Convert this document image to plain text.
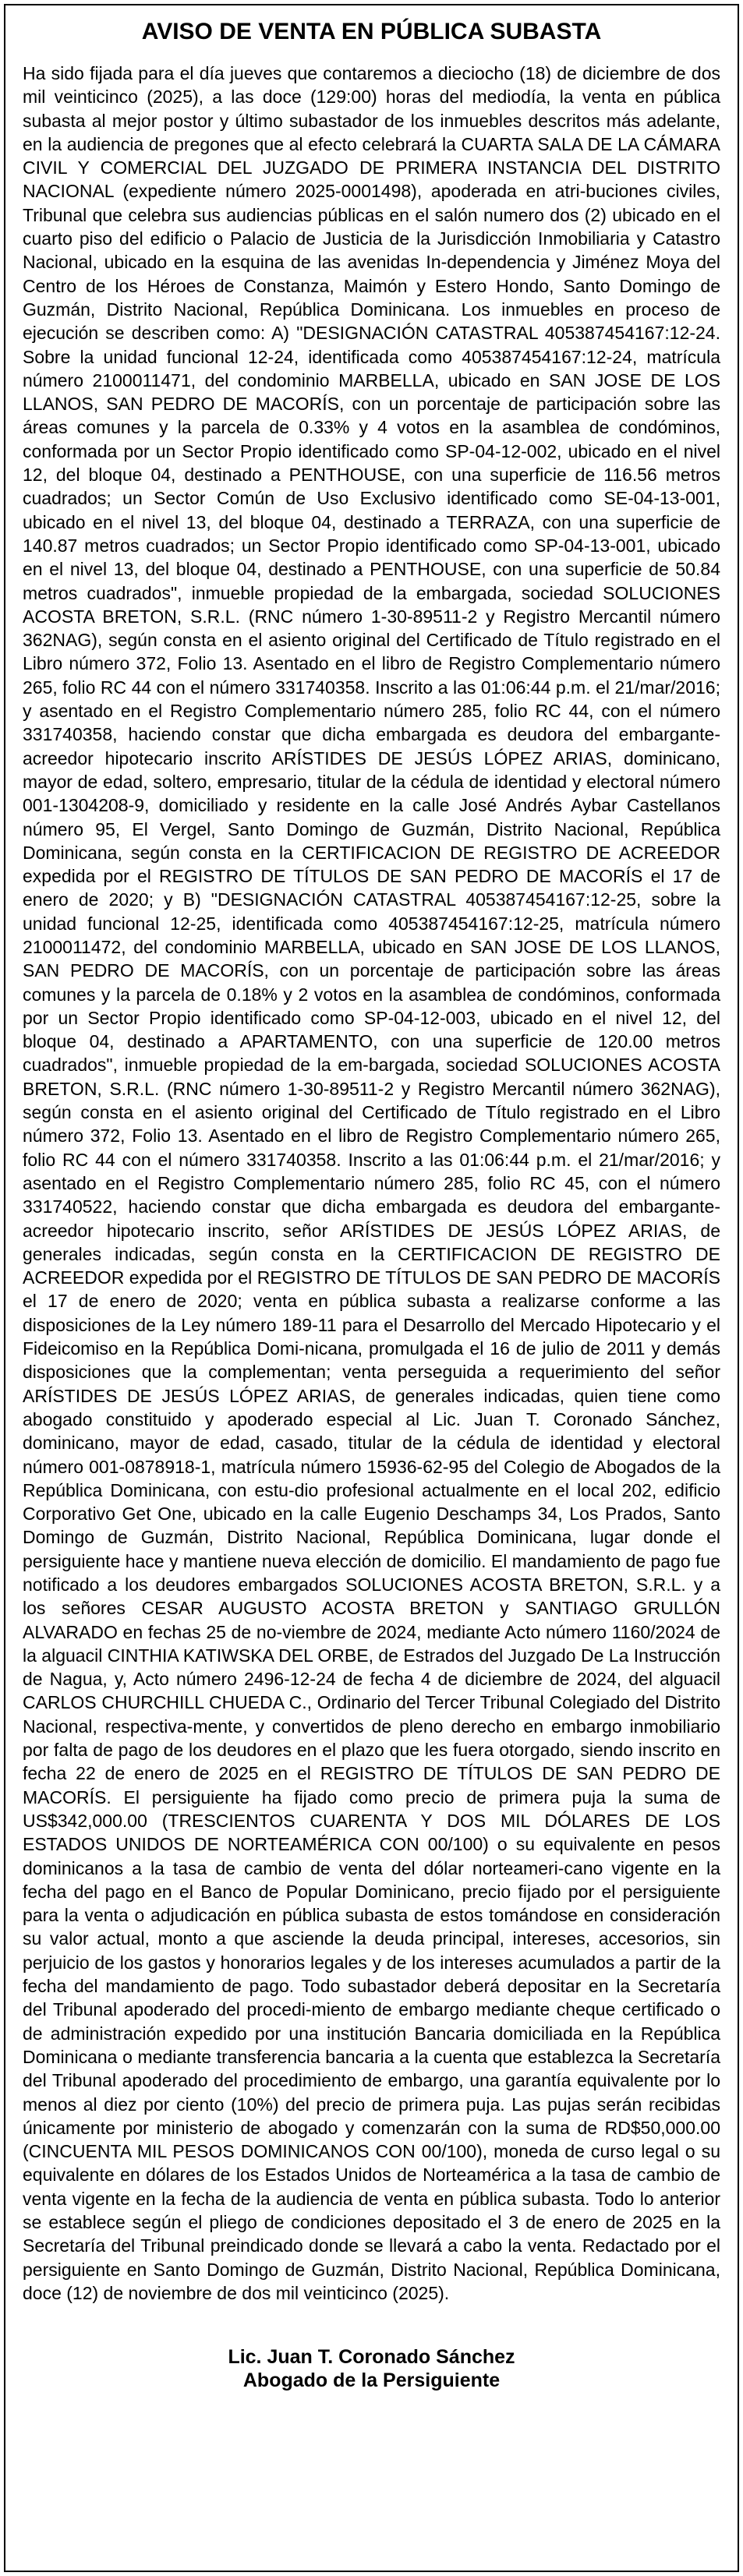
AVISO DE VENTA EN PÚBLICA SUBASTA

Ha sido fijada para el día jueves que contaremos a dieciocho (18) de diciembre de dos mil veinticinco (2025), a las doce (129:00) horas del mediodía, la venta en pública subasta al mejor postor y último subastador de los inmuebles descritos más adelante, en la audiencia de pregones que al efecto celebrará la CUARTA SALA DE LA CÁMARA CIVIL Y COMERCIAL DEL JUZGADO DE PRIMERA INSTANCIA DEL DISTRITO NACIONAL (expediente número 2025-0001498), apoderada en atri-buciones civiles, Tribunal que celebra sus audiencias públicas en el salón numero dos (2) ubicado en el cuarto piso del edificio o Palacio de Justicia de la Jurisdicción Inmobiliaria y Catastro Nacional, ubicado en la esquina de las avenidas In-dependencia y Jiménez Moya del Centro de los Héroes de Constanza, Maimón y Estero Hondo, Santo Domingo de Guzmán, Distrito Nacional, República Dominicana. Los inmuebles en proceso de ejecución se describen como: A) "DESIGNACIÓN CATASTRAL 405387454167:12-24. Sobre la unidad funcional 12-24, identificada como 405387454167:12-24, matrícula número 2100011471, del condominio MARBELLA, ubicado en SAN JOSE DE LOS LLANOS, SAN PEDRO DE MACORÍS, con un porcentaje de participación sobre las áreas comunes y la parcela de 0.33% y 4 votos en la asamblea de condóminos, conformada por un Sector Propio identificado como SP-04-12-002, ubicado en el nivel 12, del bloque 04, destinado a PENTHOUSE, con una superficie de 116.56 metros cuadrados; un Sector Común de Uso Exclusivo identificado como SE-04-13-001, ubicado en el nivel 13, del bloque 04, destinado a TERRAZA, con una superficie de 140.87 metros cuadrados; un Sector Propio identificado como SP-04-13-001, ubicado en el nivel 13, del bloque 04, destinado a PENTHOUSE, con una superficie de 50.84 metros cuadrados", inmueble propiedad de la embargada, sociedad SOLUCIONES ACOSTA BRETON, S.R.L. (RNC número 1-30-89511-2 y Registro Mercantil número 362NAG), según consta en el asiento original del Certificado de Título registrado en el Libro número 372, Folio 13. Asentado en el libro de Registro Complementario número 265, folio RC 44 con el número 331740358. Inscrito a las 01:06:44 p.m. el 21/mar/2016; y asentado en el Registro Complementario número 285, folio RC 44, con el número 331740358, haciendo constar que dicha embargada es deudora del embargante-acreedor hipotecario inscrito ARÍSTIDES DE JESÚS LÓPEZ ARIAS, dominicano, mayor de edad, soltero, empresario, titular de la cédula de identidad y electoral número 001-1304208-9, domiciliado y residente en la calle José Andrés Aybar Castellanos número 95, El Vergel, Santo Domingo de Guzmán, Distrito Nacional, República Dominicana, según consta en la CERTIFICACION DE REGISTRO DE ACREEDOR expedida por el REGISTRO DE TÍTULOS DE SAN PEDRO DE MACORÍS el 17 de enero de 2020; y B) "DESIGNACIÓN CATASTRAL 405387454167:12-25, sobre la unidad funcional 12-25, identificada como 405387454167:12-25, matrícula número 2100011472, del condominio MARBELLA, ubicado en SAN JOSE DE LOS LLANOS, SAN PEDRO DE MACORÍS, con un porcentaje de participación sobre las áreas comunes y la parcela de 0.18% y 2 votos en la asamblea de condóminos, conformada por un Sector Propio identificado como SP-04-12-003, ubicado en el nivel 12, del bloque 04, destinado a APARTAMENTO, con una superficie de 120.00 metros cuadrados", inmueble propiedad de la em-bargada, sociedad SOLUCIONES ACOSTA BRETON, S.R.L. (RNC número 1-30-89511-2 y Registro Mercantil número 362NAG), según consta en el asiento original del Certificado de Título registrado en el Libro número 372, Folio 13. Asentado en el libro de Registro Complementario número 265, folio RC 44 con el número 331740358. Inscrito a las 01:06:44 p.m. el 21/mar/2016; y asentado en el Registro Complementario número 285, folio RC 45, con el número 331740522, haciendo constar que dicha embargada es deudora del embargante-acreedor hipotecario inscrito, señor ARÍSTIDES DE JESÚS LÓPEZ ARIAS, de generales indicadas, según consta en la CERTIFICACION DE REGISTRO DE ACREEDOR expedida por el REGISTRO DE TÍTULOS DE SAN PEDRO DE MACORÍS el 17 de enero de 2020; venta en pública subasta a realizarse conforme a las disposiciones de la Ley número 189-11 para el Desarrollo del Mercado Hipotecario y el Fideicomiso en la República Domi-nicana, promulgada el 16 de julio de 2011 y demás disposiciones que la complementan; venta perseguida a requerimiento del señor ARÍSTIDES DE JESÚS LÓPEZ ARIAS, de generales indicadas, quien tiene como abogado constituido y apoderado especial al Lic. Juan T. Coronado Sánchez, dominicano, mayor de edad, casado, titular de la cédula de identidad y electoral número 001-0878918-1, matrícula número 15936-62-95 del Colegio de Abogados de la República Dominicana, con estu-dio profesional actualmente en el local 202, edificio Corporativo Get One, ubicado en la calle Eugenio Deschamps 34, Los Prados, Santo Domingo de Guzmán, Distrito Nacional, República Dominicana, lugar donde el persiguiente hace y mantiene nueva elección de domicilio. El mandamiento de pago fue notificado a los deudores embargados SOLUCIONES ACOSTA BRETON, S.R.L. y a los señores CESAR AUGUSTO ACOSTA BRETON y SANTIAGO GRULLÓN ALVARADO en fechas 25 de no-viembre de 2024, mediante Acto número 1160/2024 de la alguacil CINTHIA KATIWSKA DEL ORBE, de Estrados del Juzgado De La Instrucción de Nagua, y, Acto número 2496-12-24 de fecha 4 de diciembre de 2024, del alguacil CARLOS CHURCHILL CHUEDA C., Ordinario del Tercer Tribunal Colegiado del Distrito Nacional, respectiva-mente, y convertidos de pleno derecho en embargo inmobiliario por falta de pago de los deudores en el plazo que les fuera otorgado, siendo inscrito en fecha 22 de enero de 2025 en el REGISTRO DE TÍTULOS DE SAN PEDRO DE MACORÍS. El persiguiente ha fijado como precio de primera puja la suma de US$342,000.00 (TRESCIENTOS CUARENTA Y DOS MIL DÓLARES DE LOS ESTADOS UNIDOS DE NORTEAMÉRICA CON 00/100) o su equivalente en pesos dominicanos a la tasa de cambio de venta del dólar norteameri-cano vigente en la fecha del pago en el Banco de Popular Dominicano, precio fijado por el persiguiente para la venta o adjudicación en pública subasta de estos tomándose en consideración su valor actual, monto a que asciende la deuda principal, intereses, accesorios, sin perjuicio de los gastos y honorarios legales y de los intereses acumulados a partir de la fecha del mandamiento de pago. Todo subastador deberá depositar en la Secretaría del Tribunal apoderado del procedi-miento de embargo mediante cheque certificado o de administración expedido por una institución Bancaria domiciliada en la República Dominicana o mediante transferencia bancaria a la cuenta que establezca la Secretaría del Tribunal apoderado del procedimiento de embargo, una garantía equivalente por lo menos al diez por ciento (10%) del precio de primera puja. Las pujas serán recibidas únicamente por ministerio de abogado y comenzarán con la suma de RD$50,000.00 (CINCUENTA MIL PESOS DOMINICANOS CON 00/100), moneda de curso legal o su equivalente en dólares de los Estados Unidos de Norteamérica a la tasa de cambio de venta vigente en la fecha de la audiencia de venta en pública subasta. Todo lo anterior se establece según el pliego de condiciones depositado el 3 de enero de 2025 en la Secretaría del Tribunal preindicado donde se llevará a cabo la venta. Redactado por el persiguiente en Santo Domingo de Guzmán, Distrito Nacional, República Dominicana, doce (12) de noviembre de dos mil veinticinco (2025).

Lic. Juan T. Coronado Sánchez
Abogado de la Persiguiente
